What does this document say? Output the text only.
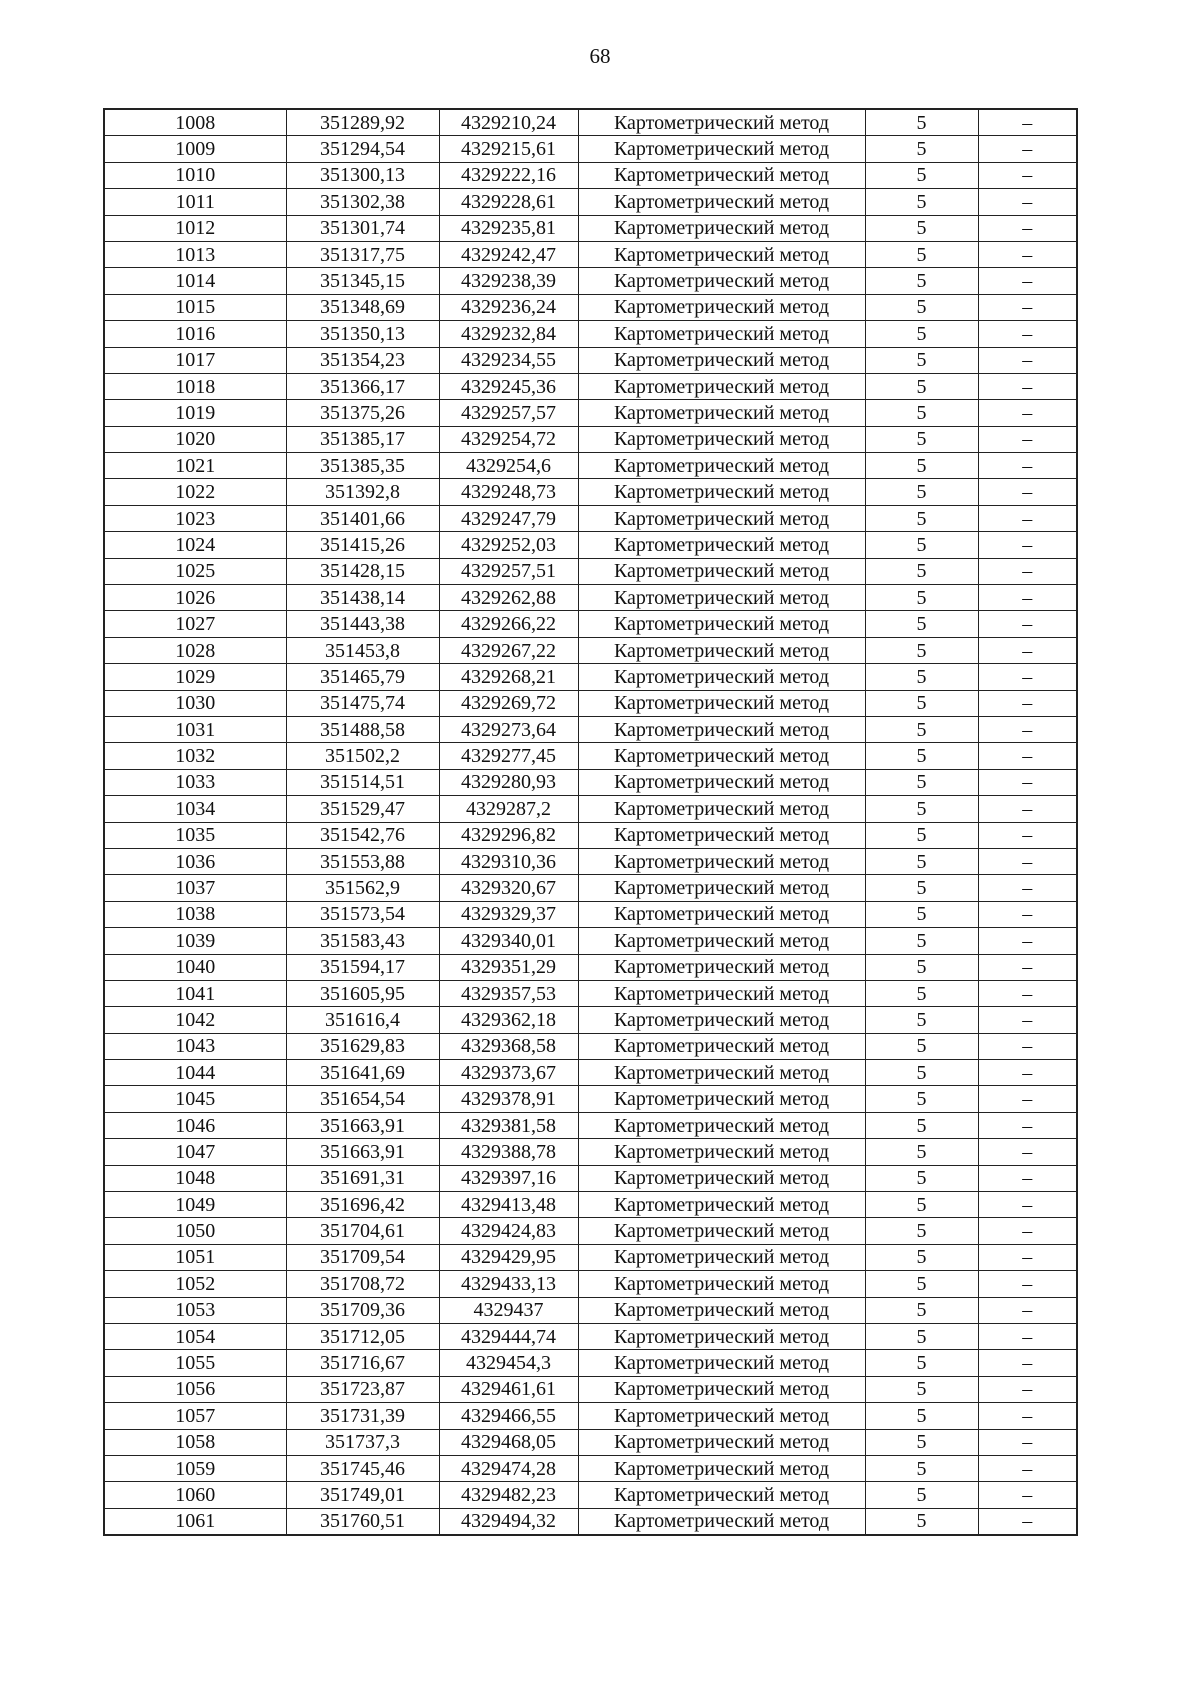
68
1008	351289,92	4329210,24	Картометрический метод	5	–
1009	351294,54	4329215,61	Картометрический метод	5	–
1010	351300,13	4329222,16	Картометрический метод	5	–
1011	351302,38	4329228,61	Картометрический метод	5	–
1012	351301,74	4329235,81	Картометрический метод	5	–
1013	351317,75	4329242,47	Картометрический метод	5	–
1014	351345,15	4329238,39	Картометрический метод	5	–
1015	351348,69	4329236,24	Картометрический метод	5	–
1016	351350,13	4329232,84	Картометрический метод	5	–
1017	351354,23	4329234,55	Картометрический метод	5	–
1018	351366,17	4329245,36	Картометрический метод	5	–
1019	351375,26	4329257,57	Картометрический метод	5	–
1020	351385,17	4329254,72	Картометрический метод	5	–
1021	351385,35	4329254,6	Картометрический метод	5	–
1022	351392,8	4329248,73	Картометрический метод	5	–
1023	351401,66	4329247,79	Картометрический метод	5	–
1024	351415,26	4329252,03	Картометрический метод	5	–
1025	351428,15	4329257,51	Картометрический метод	5	–
1026	351438,14	4329262,88	Картометрический метод	5	–
1027	351443,38	4329266,22	Картометрический метод	5	–
1028	351453,8	4329267,22	Картометрический метод	5	–
1029	351465,79	4329268,21	Картометрический метод	5	–
1030	351475,74	4329269,72	Картометрический метод	5	–
1031	351488,58	4329273,64	Картометрический метод	5	–
1032	351502,2	4329277,45	Картометрический метод	5	–
1033	351514,51	4329280,93	Картометрический метод	5	–
1034	351529,47	4329287,2	Картометрический метод	5	–
1035	351542,76	4329296,82	Картометрический метод	5	–
1036	351553,88	4329310,36	Картометрический метод	5	–
1037	351562,9	4329320,67	Картометрический метод	5	–
1038	351573,54	4329329,37	Картометрический метод	5	–
1039	351583,43	4329340,01	Картометрический метод	5	–
1040	351594,17	4329351,29	Картометрический метод	5	–
1041	351605,95	4329357,53	Картометрический метод	5	–
1042	351616,4	4329362,18	Картометрический метод	5	–
1043	351629,83	4329368,58	Картометрический метод	5	–
1044	351641,69	4329373,67	Картометрический метод	5	–
1045	351654,54	4329378,91	Картометрический метод	5	–
1046	351663,91	4329381,58	Картометрический метод	5	–
1047	351663,91	4329388,78	Картометрический метод	5	–
1048	351691,31	4329397,16	Картометрический метод	5	–
1049	351696,42	4329413,48	Картометрический метод	5	–
1050	351704,61	4329424,83	Картометрический метод	5	–
1051	351709,54	4329429,95	Картометрический метод	5	–
1052	351708,72	4329433,13	Картометрический метод	5	–
1053	351709,36	4329437	Картометрический метод	5	–
1054	351712,05	4329444,74	Картометрический метод	5	–
1055	351716,67	4329454,3	Картометрический метод	5	–
1056	351723,87	4329461,61	Картометрический метод	5	–
1057	351731,39	4329466,55	Картометрический метод	5	–
1058	351737,3	4329468,05	Картометрический метод	5	–
1059	351745,46	4329474,28	Картометрический метод	5	–
1060	351749,01	4329482,23	Картометрический метод	5	–
1061	351760,51	4329494,32	Картометрический метод	5	–
